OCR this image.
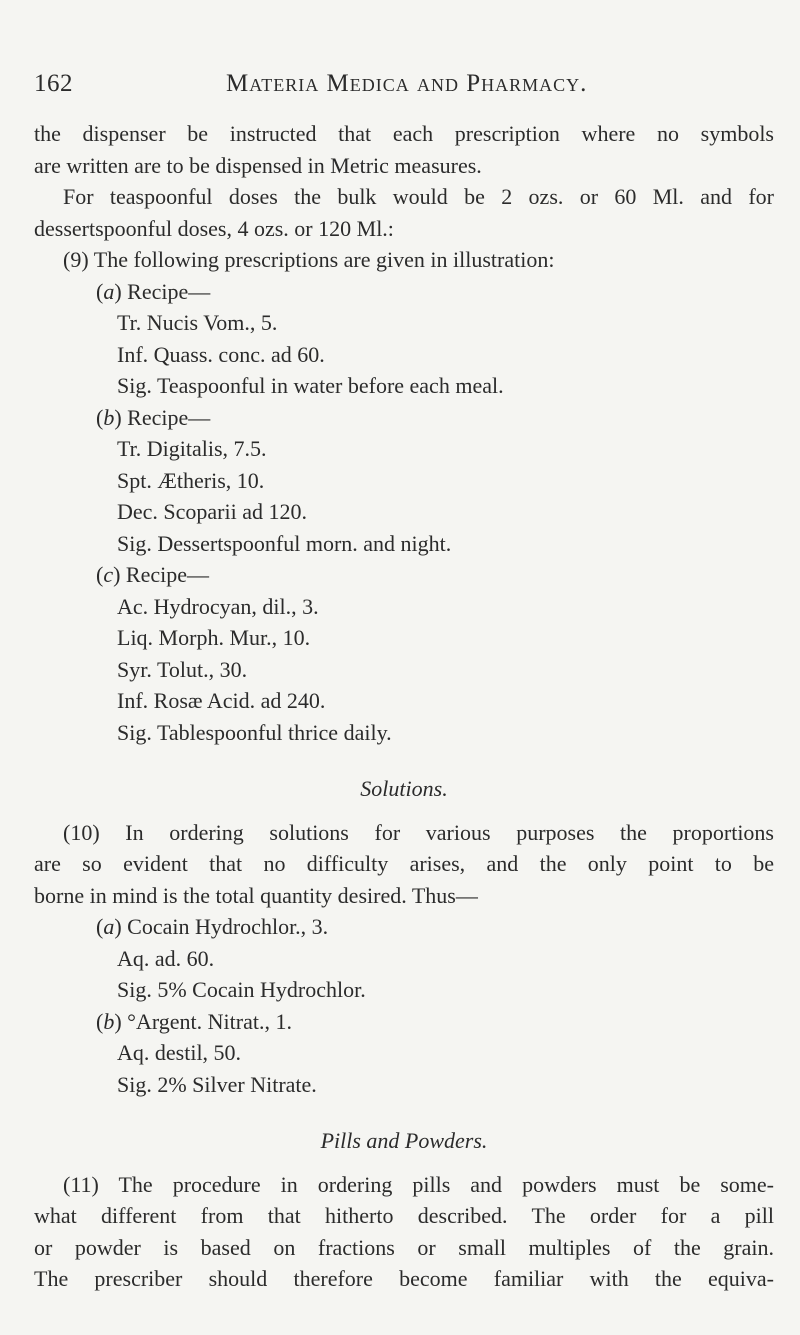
162	Materia Medica and Pharmacy.
the dispenser be instructed that each prescription where no symbols
are written are to be dispensed in Metric measures.
For teaspoonful doses the bulk would be 2 ozs. or 60 Ml. and for
dessertspoonful doses, 4 ozs. or 120 Ml.:
(9) The following prescriptions are given in illustration:
(a) Recipe—
Tr. Nucis Vom., 5.
Inf. Quass. conc. ad 60.
Sig. Teaspoonful in water before each meal.
(b) Recipe—
Tr. Digitalis, 7.5.
Spt. Ætheris, 10.
Dec. Scoparii ad 120.
Sig. Dessertspoonful morn. and night.
(c) Recipe—
Ac. Hydrocyan, dil., 3.
Liq. Morph. Mur., 10.
Syr. Tolut., 30.
Inf. Rosæ Acid. ad 240.
Sig. Tablespoonful thrice daily.
Solutions.
(10) In ordering solutions for various purposes the proportions
are so evident that no difficulty arises, and the only point to be
borne in mind is the total quantity desired. Thus—
(a) Cocain Hydrochlor., 3.
Aq. ad. 60.
Sig. 5% Cocain Hydrochlor.
(b) °Argent. Nitrat., 1.
Aq. destil, 50.
Sig. 2% Silver Nitrate.
Pills and Powders.
(11) The procedure in ordering pills and powders must be some-
what different from that hitherto described. The order for a pill
or powder is based on fractions or small multiples of the grain.
The prescriber should therefore become familiar with the equiva-
